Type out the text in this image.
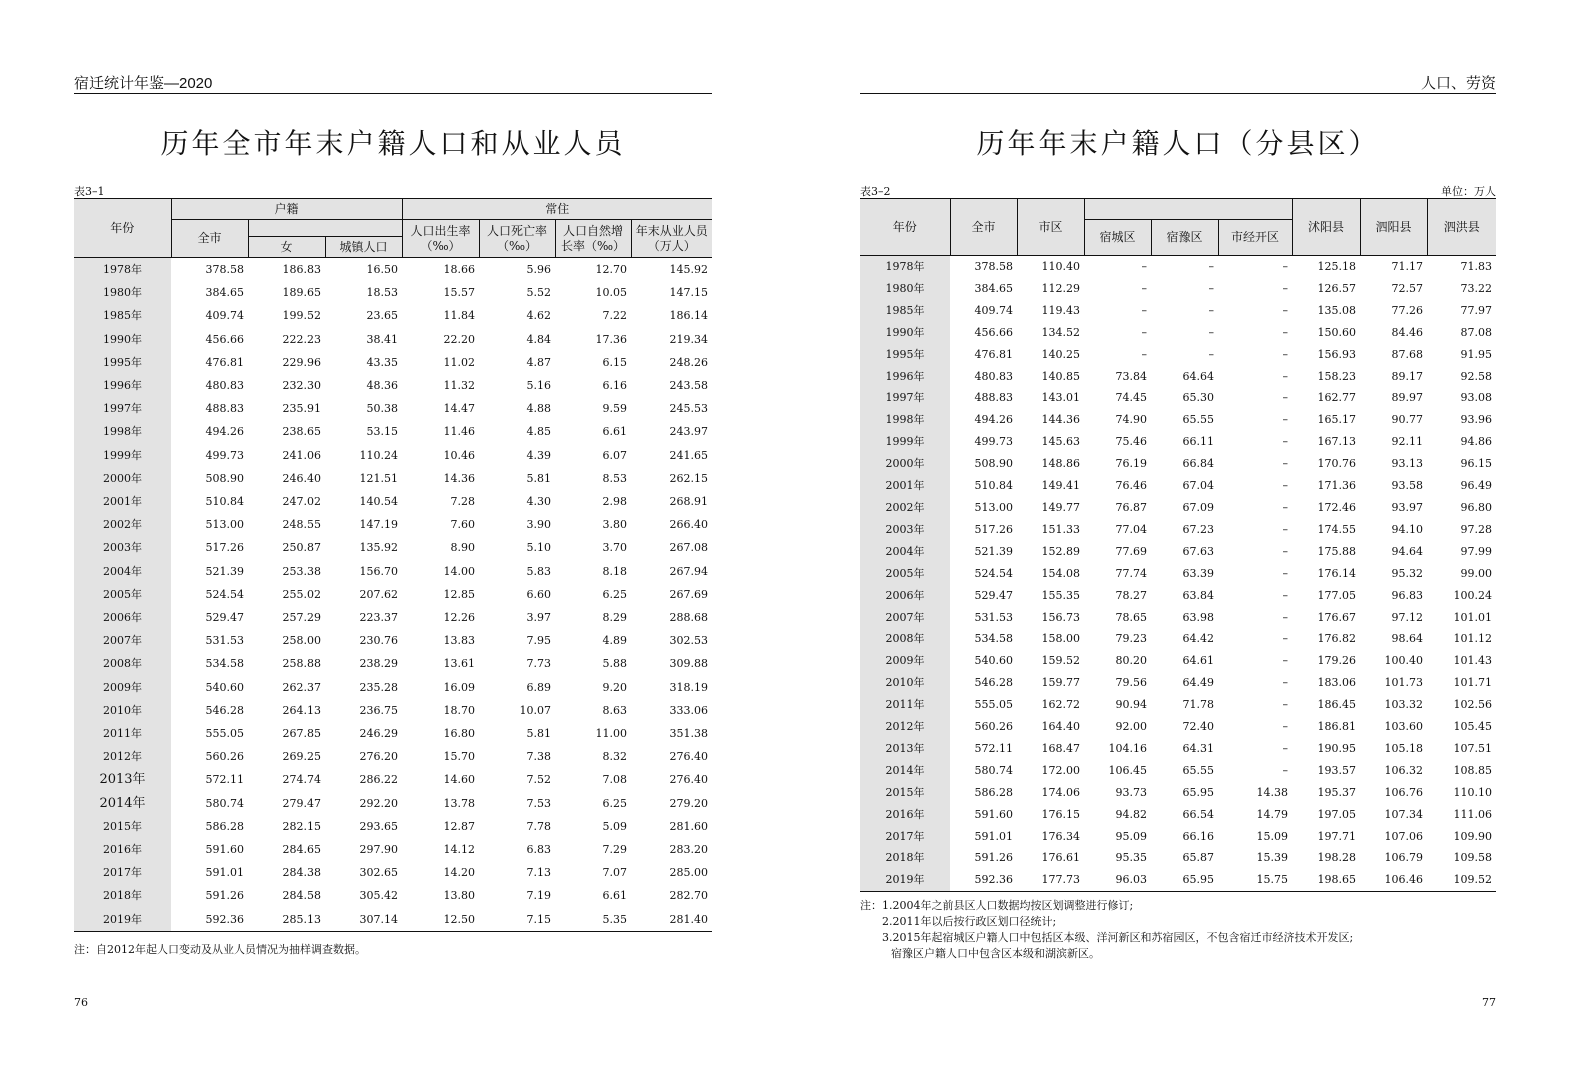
宿迁统计年鉴—2020
历年全市年末户籍人口和从业人员
表3–1
年份	户籍			常住			
	全市			人口出生率（‰）	人口死亡率（‰）	人口自然增长率（‰）	年末从业人员（万人）
		女	城镇人口				
1978年	378.58	186.83	16.50	18.66	5.96	12.70	145.92
1980年	384.65	189.65	18.53	15.57	5.52	10.05	147.15
1985年	409.74	199.52	23.65	11.84	4.62	7.22	186.14
1990年	456.66	222.23	38.41	22.20	4.84	17.36	219.34
1995年	476.81	229.96	43.35	11.02	4.87	6.15	248.26
1996年	480.83	232.30	48.36	11.32	5.16	6.16	243.58
1997年	488.83	235.91	50.38	14.47	4.88	9.59	245.53
1998年	494.26	238.65	53.15	11.46	4.85	6.61	243.97
1999年	499.73	241.06	110.24	10.46	4.39	6.07	241.65
2000年	508.90	246.40	121.51	14.36	5.81	8.53	262.15
2001年	510.84	247.02	140.54	7.28	4.30	2.98	268.91
2002年	513.00	248.55	147.19	7.60	3.90	3.80	266.40
2003年	517.26	250.87	135.92	8.90	5.10	3.70	267.08
2004年	521.39	253.38	156.70	14.00	5.83	8.18	267.94
2005年	524.54	255.02	207.62	12.85	6.60	6.25	267.69
2006年	529.47	257.29	223.37	12.26	3.97	8.29	288.68
2007年	531.53	258.00	230.76	13.83	7.95	4.89	302.53
2008年	534.58	258.88	238.29	13.61	7.73	5.88	309.88
2009年	540.60	262.37	235.28	16.09	6.89	9.20	318.19
2010年	546.28	264.13	236.75	18.70	10.07	8.63	333.06
2011年	555.05	267.85	246.29	16.80	5.81	11.00	351.38
2012年	560.26	269.25	276.20	15.70	7.38	8.32	276.40
2013年	572.11	274.74	286.22	14.60	7.52	7.08	276.40
2014年	580.74	279.47	292.20	13.78	7.53	6.25	279.20
2015年	586.28	282.15	293.65	12.87	7.78	5.09	281.60
2016年	591.60	284.65	297.90	14.12	6.83	7.29	283.20
2017年	591.01	284.38	302.65	14.20	7.13	7.07	285.00
2018年	591.26	284.58	305.42	13.80	7.19	6.61	282.70
2019年	592.36	285.13	307.14	12.50	7.15	5.35	281.40
注：自2012年起人口变动及从业人员情况为抽样调查数据。
76
人口、劳资
历年年末户籍人口（分县区）
表3–2	单位：万人
年份	全市	市区				沭阳县	泗阳县	泗洪县
			宿城区	宿豫区	市经开区			
1978年	378.58	110.40	–	–	–	125.18	71.17	71.83
1980年	384.65	112.29	–	–	–	126.57	72.57	73.22
1985年	409.74	119.43	–	–	–	135.08	77.26	77.97
1990年	456.66	134.52	–	–	–	150.60	84.46	87.08
1995年	476.81	140.25	–	–	–	156.93	87.68	91.95
1996年	480.83	140.85	73.84	64.64	–	158.23	89.17	92.58
1997年	488.83	143.01	74.45	65.30	–	162.77	89.97	93.08
1998年	494.26	144.36	74.90	65.55	–	165.17	90.77	93.96
1999年	499.73	145.63	75.46	66.11	–	167.13	92.11	94.86
2000年	508.90	148.86	76.19	66.84	–	170.76	93.13	96.15
2001年	510.84	149.41	76.46	67.04	–	171.36	93.58	96.49
2002年	513.00	149.77	76.87	67.09	–	172.46	93.97	96.80
2003年	517.26	151.33	77.04	67.23	–	174.55	94.10	97.28
2004年	521.39	152.89	77.69	67.63	–	175.88	94.64	97.99
2005年	524.54	154.08	77.74	63.39	–	176.14	95.32	99.00
2006年	529.47	155.35	78.27	63.84	–	177.05	96.83	100.24
2007年	531.53	156.73	78.65	63.98	–	176.67	97.12	101.01
2008年	534.58	158.00	79.23	64.42	–	176.82	98.64	101.12
2009年	540.60	159.52	80.20	64.61	–	179.26	100.40	101.43
2010年	546.28	159.77	79.56	64.49	–	183.06	101.73	101.71
2011年	555.05	162.72	90.94	71.78	–	186.45	103.32	102.56
2012年	560.26	164.40	92.00	72.40	–	186.81	103.60	105.45
2013年	572.11	168.47	104.16	64.31	–	190.95	105.18	107.51
2014年	580.74	172.00	106.45	65.55	–	193.57	106.32	108.85
2015年	586.28	174.06	93.73	65.95	14.38	195.37	106.76	110.10
2016年	591.60	176.15	94.82	66.54	14.79	197.05	107.34	111.06
2017年	591.01	176.34	95.09	66.16	15.09	197.71	107.06	109.90
2018年	591.26	176.61	95.35	65.87	15.39	198.28	106.79	109.58
2019年	592.36	177.73	96.03	65.95	15.75	198.65	106.46	109.52
注：1.2004年之前县区人口数据均按区划调整进行修订;
2.2011年以后按行政区划口径统计;
3.2015年起宿城区户籍人口中包括区本级、洋河新区和苏宿园区，不包含宿迁市经济技术开发区;
宿豫区户籍人口中包含区本级和湖滨新区。
77
